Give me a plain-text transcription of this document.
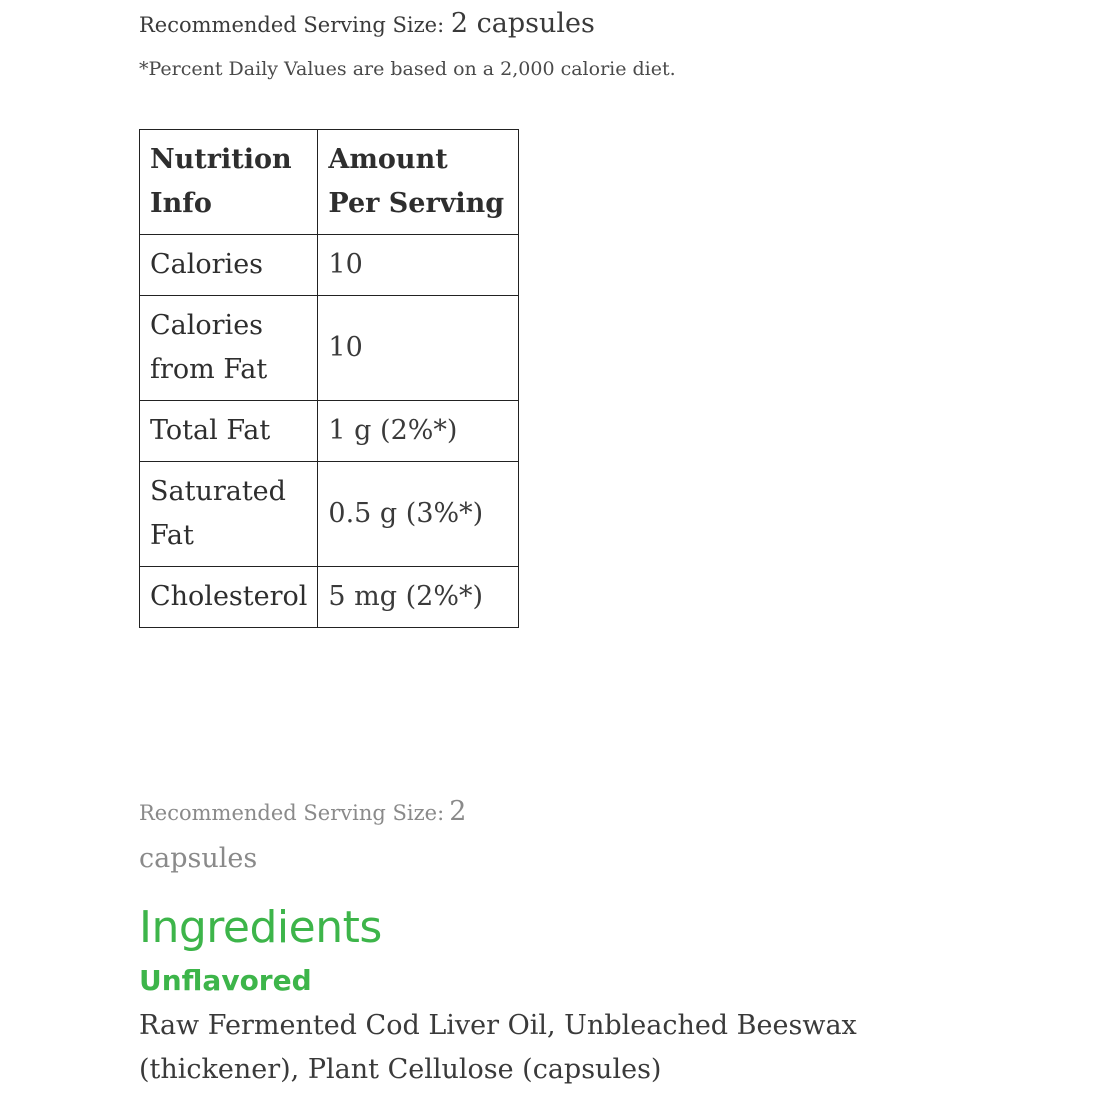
Recommended Serving Size: 2 capsules
*Percent Daily Values are based on a 2,000 calorie diet.
Nutrition Info	Amount Per Serving
Calories	10
Calories from Fat	10
Total Fat	1 g (2%*)
Saturated Fat	0.5 g (3%*)
Cholesterol	5 mg (2%*)
Recommended Serving Size: 2 capsules
Ingredients
Unflavored
Raw Fermented Cod Liver Oil, Unbleached Beeswax (thickener), Plant Cellulose (capsules)
